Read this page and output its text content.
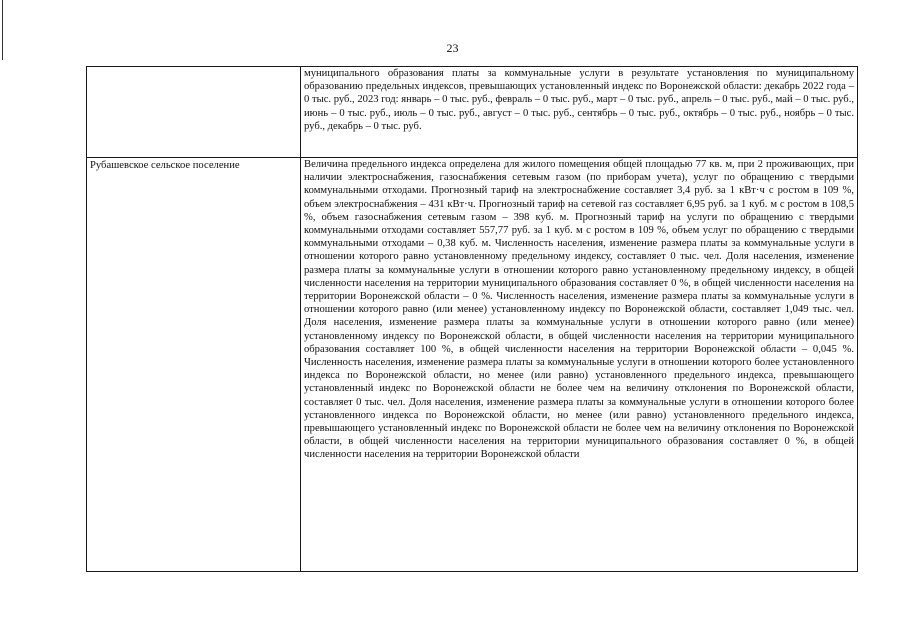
23

	муниципального образования платы за коммунальные услуги в результате установления по муниципальному образованию предельных индексов, превышающих установленный индекс по Воронежской области: декабрь 2022 года – 0 тыс. руб., 2023 год: январь – 0 тыс. руб., февраль – 0 тыс. руб., март – 0 тыс. руб., апрель – 0 тыс. руб., май – 0 тыс. руб., июнь – 0 тыс. руб., июль – 0 тыс. руб., август – 0 тыс. руб., сентябрь – 0 тыс. руб., октябрь – 0 тыс. руб., ноябрь – 0 тыс. руб., декабрь – 0 тыс. руб.

Рубашевское сельское поселение	Величина предельного индекса определена для жилого помещения общей площадью 77 кв. м, при 2 проживающих, при наличии электроснабжения, газоснабжения сетевым газом (по приборам учета), услуг по обращению с твердыми коммунальными отходами. Прогнозный тариф на электроснабжение составляет 3,4 руб. за 1 кВт·ч с ростом в 109 %, объем электроснабжения – 431 кВт·ч. Прогнозный тариф на сетевой газ составляет 6,95 руб. за 1 куб. м с ростом в 108,5 %, объем газоснабжения сетевым газом – 398 куб. м. Прогнозный тариф на услуги по обращению с твердыми коммунальными отходами составляет 557,77 руб. за 1 куб. м с ростом в 109 %, объем услуг по обращению с твердыми коммунальными отходами – 0,38 куб. м. Численность населения, изменение размера платы за коммунальные услуги в отношении которого равно установленному предельному индексу, составляет 0 тыс. чел. Доля населения, изменение размера платы за коммунальные услуги в отношении которого равно установленному предельному индексу, в общей численности населения на территории муниципального образования составляет 0 %, в общей численности населения на территории Воронежской области – 0 %. Численность населения, изменение размера платы за коммунальные услуги в отношении которого равно (или менее) установленному индексу по Воронежской области, составляет 1,049 тыс. чел. Доля населения, изменение размера платы за коммунальные услуги в отношении которого равно (или менее) установленному индексу по Воронежской области, в общей численности населения на территории муниципального образования составляет 100 %, в общей численности населения на территории Воронежской области – 0,045 %. Численность населения, изменение размера платы за коммунальные услуги в отношении которого более установленного индекса по Воронежской области, но менее (или равно) установленного предельного индекса, превышающего установленный индекс по Воронежской области не более чем на величину отклонения по Воронежской области, составляет 0 тыс. чел. Доля населения, изменение размера платы за коммунальные услуги в отношении которого более установленного индекса по Воронежской области, но менее (или равно) установленного предельного индекса, превышающего установленный индекс по Воронежской области не более чем на величину отклонения по Воронежской области, в общей численности населения на территории муниципального образования составляет 0 %, в общей численности населения на территории Воронежской области
